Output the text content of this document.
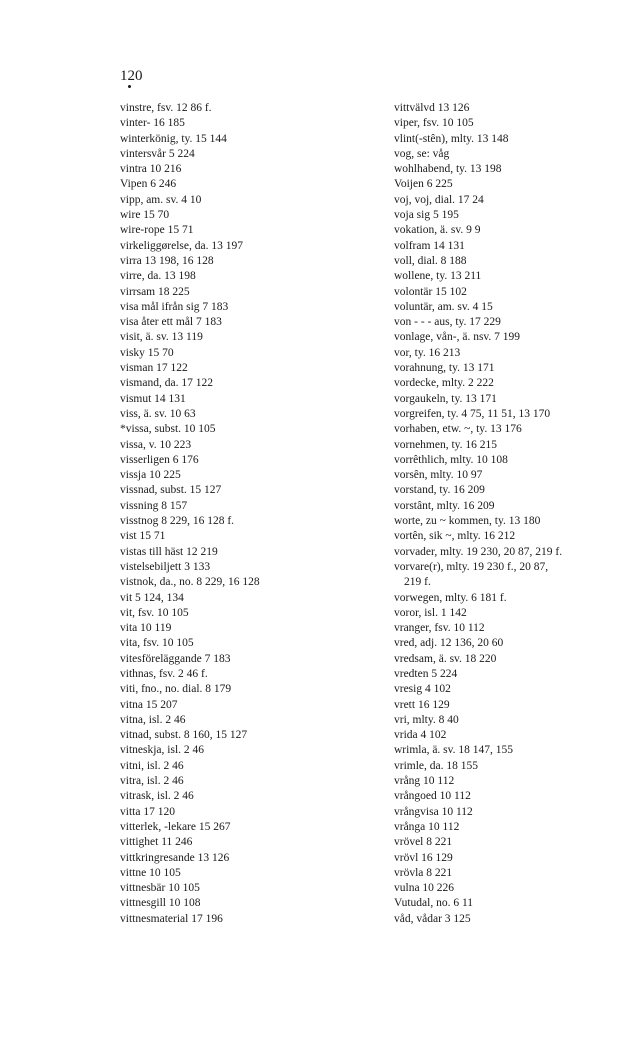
120
vinstre, fsv. 12 86 f.
vinter- 16 185
winterkönig, ty. 15 144
vintersvår 5 224
vintra 10 216
Vipen 6 246
vipp, am. sv. 4 10
wire 15 70
wire-rope 15 71
virkeliggørelse, da. 13 197
virra 13 198, 16 128
virre, da. 13 198
virrsam 18 225
visa mål ifrån sig 7 183
visa åter ett mål 7 183
visit, ä. sv. 13 119
visky 15 70
visman 17 122
vismand, da. 17 122
vismut 14 131
viss, ä. sv. 10 63
*vissa, subst. 10 105
vissa, v. 10 223
visserligen 6 176
vissja 10 225
vissnad, subst. 15 127
vissning 8 157
visstnog 8 229, 16 128 f.
vist 15 71
vistas till häst 12 219
vistelsebiljett 3 133
vistnok, da., no. 8 229, 16 128
vit 5 124, 134
vit, fsv. 10 105
vita 10 119
vita, fsv. 10 105
vitesföreläggande 7 183
vithnas, fsv. 2 46 f.
viti, fno., no. dial. 8 179
vitna 15 207
vitna, isl. 2 46
vitnad, subst. 8 160, 15 127
vitneskja, isl. 2 46
vitni, isl. 2 46
vitra, isl. 2 46
vitrask, isl. 2 46
vitta 17 120
vitterlek, -lekare 15 267
vittighet 11 246
vittkringresande 13 126
vittne 10 105
vittnesbär 10 105
vittnesgill 10 108
vittnesmaterial 17 196
vittvälvd 13 126
viper, fsv. 10 105
vlint(-stên), mlty. 13 148
vog, se: våg
wohlhabend, ty. 13 198
Voijen 6 225
voj, voj, dial. 17 24
voja sig 5 195
vokation, ä. sv. 9 9
volfram 14 131
voll, dial. 8 188
wollene, ty. 13 211
volontär 15 102
voluntär, am. sv. 4 15
von - - - aus, ty. 17 229
vonlage, vån-, ä. nsv. 7 199
vor, ty. 16 213
vorahnung, ty. 13 171
vordecke, mlty. 2 222
vorgaukeln, ty. 13 171
vorgreifen, ty. 4 75, 11 51, 13 170
vorhaben, etw. ~, ty. 13 176
vornehmen, ty. 16 215
vorrêthlich, mlty. 10 108
vorsên, mlty. 10 97
vorstand, ty. 16 209
vorstânt, mlty. 16 209
worte, zu ~ kommen, ty. 13 180
vortên, sik ~, mlty. 16 212
vorvader, mlty. 19 230, 20 87, 219 f.
vorvare(r), mlty. 19 230 f., 20 87,
219 f.
vorwegen, mlty. 6 181 f.
voror, isl. 1 142
vranger, fsv. 10 112
vred, adj. 12 136, 20 60
vredsam, ä. sv. 18 220
vredten 5 224
vresig 4 102
vrett 16 129
vri, mlty. 8 40
vrida 4 102
wrimla, ä. sv. 18 147, 155
vrimle, da. 18 155
vrång 10 112
vrångoed 10 112
vrångvisa 10 112
vrånga 10 112
vrövel 8 221
vrövl 16 129
vrövla 8 221
vulna 10 226
Vutudal, no. 6 11
våd, vådar 3 125
